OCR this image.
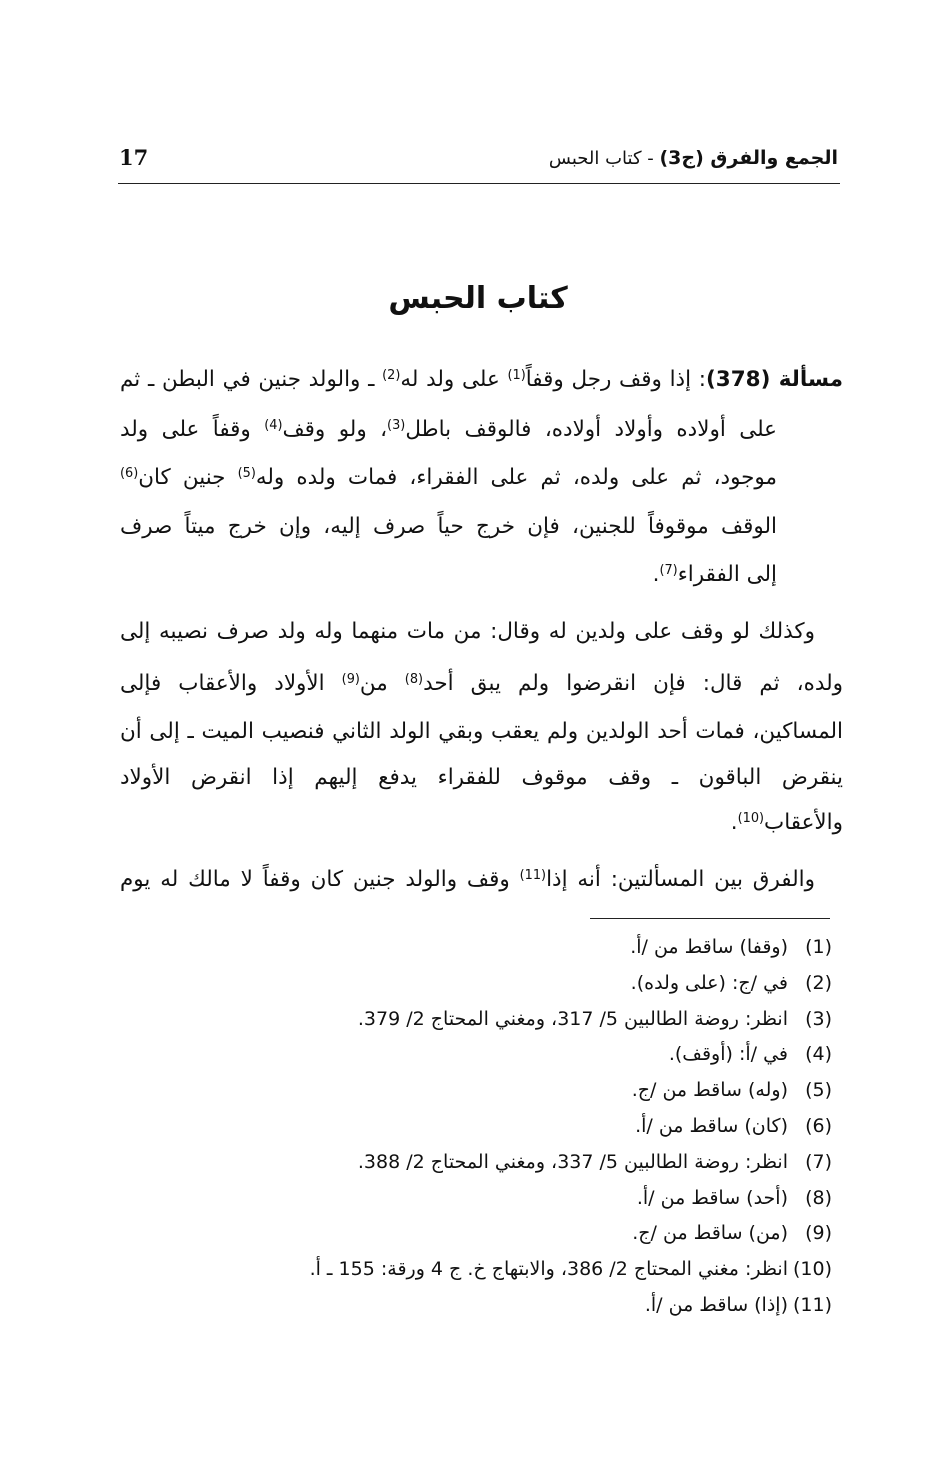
الجمع والفرق (ج3) - كتاب الحبس
17
كتاب الحبس
مسألة (378): إذا وقف رجل وقفاً$^{(1)}$ على ولد له$^{(2)}$ ـ والولد جنين في البطن ـ ثم
على أولاده وأولاد أولاده، فالوقف باطل$^{(3)}$، ولو وقف$^{(4)}$ وقفاً على ولد
موجود، ثم على ولده، ثم على الفقراء، فمات ولده وله$^{(5)}$ جنين كان$^{(6)}$
الوقف موقوفاً للجنين، فإن خرج حياً صرف إليه، وإن خرج ميتاً صرف
إلى الفقراء$^{(7)}$.
وكذلك لو وقف على ولدين له وقال: من مات منهما وله ولد صرف نصيبه إلى
ولده، ثم قال: فإن انقرضوا ولم يبق أحد$^{(8)}$ من$^{(9)}$ الأولاد والأعقاب فإلى
المساكين، فمات أحد الولدين ولم يعقب وبقي الولد الثاني فنصيب الميت ـ إلى أن
ينقرض الباقون ـ وقف موقوف للفقراء يدفع إليهم إذا انقرض الأولاد
والأعقاب$^{(10)}$.
والفرق بين المسألتين: أنه إذا$^{(11)}$ وقف والولد جنين كان وقفاً لا مالك له يوم
(1)(وقفا) ساقط من /أ.
(2)في /ج: (على ولده).
(3)انظر: روضة الطالبين 5/ 317، ومغني المحتاج 2/ 379.
(4)في /أ: (أوقف).
(5)(وله) ساقط من /ج.
(6)(كان) ساقط من /أ.
(7)انظر: روضة الطالبين 5/ 337، ومغني المحتاج 2/ 388.
(8)(أحد) ساقط من /أ.
(9)(من) ساقط من /ج.
(10)انظر: مغني المحتاج 2/ 386، والابتهاج خ. ج 4 ورقة: 155 ـ أ.
(11)(إذا) ساقط من /أ.
